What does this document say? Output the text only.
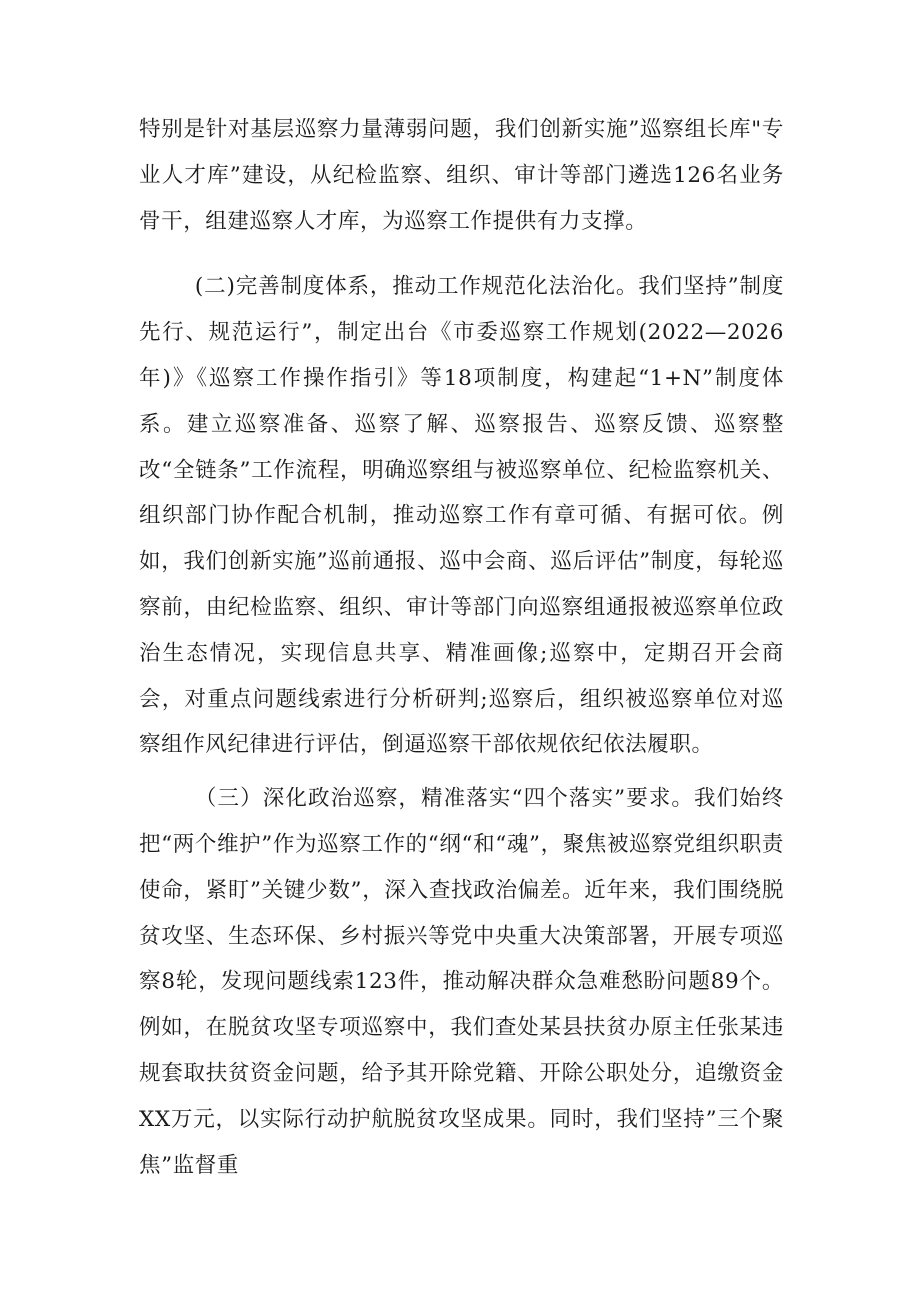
特别是针对基层巡察力量薄弱问题，我们创新实施”巡察组长库"专业人才库”建设，从纪检监察、组织、审计等部门遴选126名业务骨干，组建巡察人才库，为巡察工作提供有力支撑。

(二)完善制度体系，推动工作规范化法治化。我们坚持”制度先行、规范运行”，制定出台《市委巡察工作规划(2022—2026年)》《巡察工作操作指引》等18项制度，构建起“1+N”制度体系。建立巡察准备、巡察了解、巡察报告、巡察反馈、巡察整改“全链条”工作流程，明确巡察组与被巡察单位、纪检监察机关、组织部门协作配合机制，推动巡察工作有章可循、有据可依。例如，我们创新实施”巡前通报、巡中会商、巡后评估”制度，每轮巡察前，由纪检监察、组织、审计等部门向巡察组通报被巡察单位政治生态情况，实现信息共享、精准画像;巡察中，定期召开会商会，对重点问题线索进行分析研判;巡察后，组织被巡察单位对巡察组作风纪律进行评估，倒逼巡察干部依规依纪依法履职。

（三）深化政治巡察，精准落实“四个落实”要求。我们始终把“两个维护”作为巡察工作的“纲“和“魂”，聚焦被巡察党组织职责使命，紧盯”关键少数”，深入查找政治偏差。近年来，我们围绕脱贫攻坚、生态环保、乡村振兴等党中央重大决策部署，开展专项巡察8轮，发现问题线索123件，推动解决群众急难愁盼问题89个。例如，在脱贫攻坚专项巡察中，我们查处某县扶贫办原主任张某违规套取扶贫资金问题，给予其开除党籍、开除公职处分，追缴资金XX万元，以实际行动护航脱贫攻坚成果。同时，我们坚持”三个聚焦”监督重
